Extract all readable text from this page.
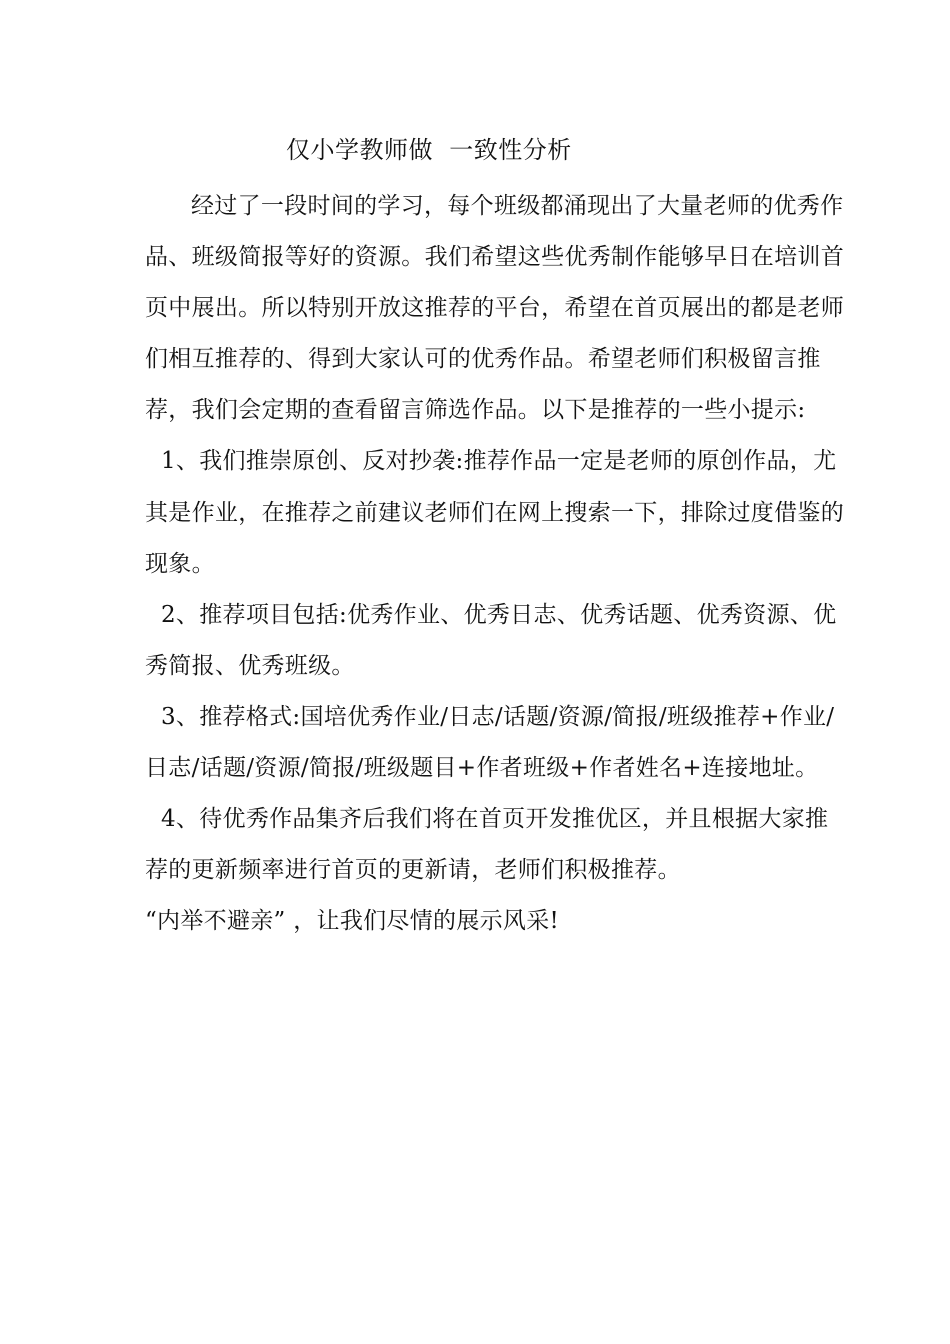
仅小学教师做  一致性分析

经过了一段时间的学习，每个班级都涌现出了大量老师的优秀作品、班级简报等好的资源。我们希望这些优秀制作能够早日在培训首页中展出。所以特别开放这推荐的平台，希望在首页展出的都是老师们相互推荐的、得到大家认可的优秀作品。希望老师们积极留言推荐，我们会定期的查看留言筛选作品。以下是推荐的一些小提示:

1、我们推崇原创、反对抄袭:推荐作品一定是老师的原创作品，尤其是作业，在推荐之前建议老师们在网上搜索一下，排除过度借鉴的现象。

2、推荐项目包括:优秀作业、优秀日志、优秀话题、优秀资源、优秀简报、优秀班级。

3、推荐格式:国培优秀作业/日志/话题/资源/简报/班级推荐+作业/日志/话题/资源/简报/班级题目+作者班级+作者姓名+连接地址。

4、待优秀作品集齐后我们将在首页开发推优区，并且根据大家推荐的更新频率进行首页的更新请，老师们积极推荐。

“内举不避亲” ，让我们尽情的展示风采!
